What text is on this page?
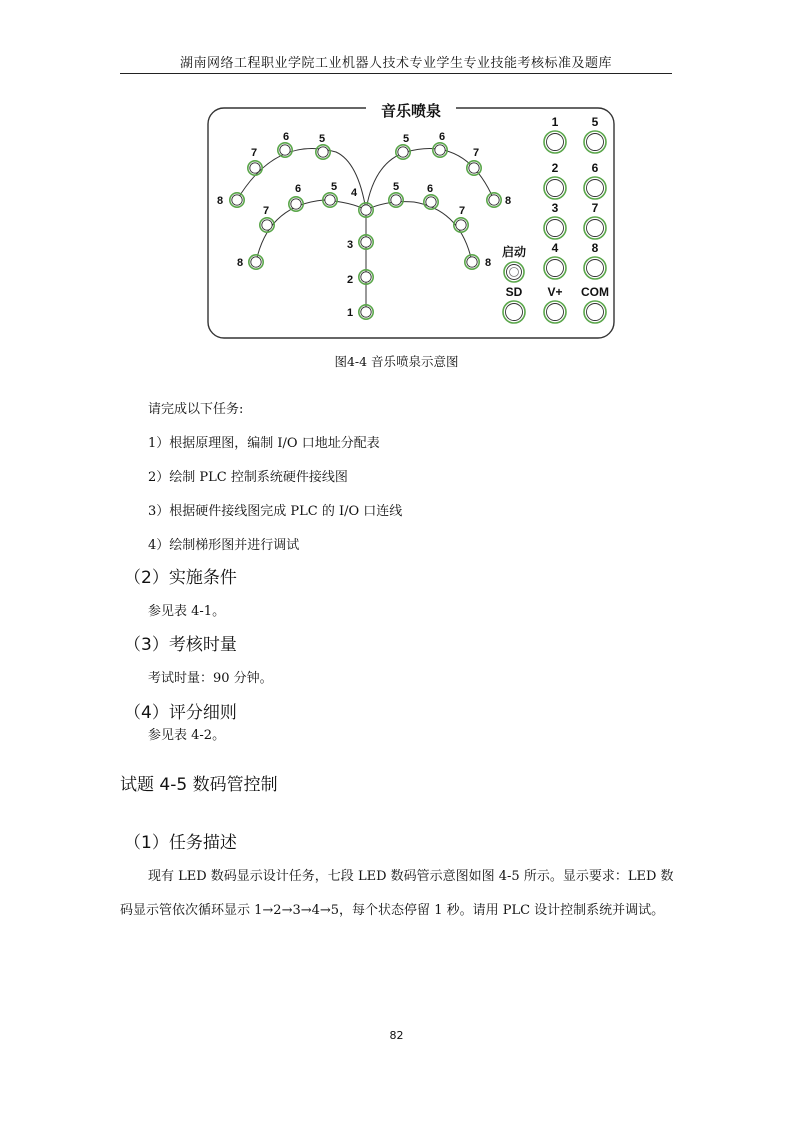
湖南网络工程职业学院工业机器人技术专业学生专业技能考核标准及题库
音乐喷泉
8
7
6	5
8
7
6	5
5	6
7
8
5	6
7
8
4
3
2
1
启动
1	5
2	6
3	7
4	8
SD V+ COM
图4-4 音乐喷泉示意图
请完成以下任务:
1）根据原理图，编制 I/O 口地址分配表
2）绘制 PLC 控制系统硬件接线图
3）根据硬件接线图完成 PLC 的 I/O 口连线
4）绘制梯形图并进行调试
（2）实施条件
参见表 4-1。
（3）考核时量
考试时量：90 分钟。
（4）评分细则
参见表 4-2。
试题 4-5 数码管控制
（1）任务描述
现有 LED 数码显示设计任务，七段 LED 数码管示意图如图 4-5 所示。显示要求：LED 数码显示管依次循环显示 1→2→3→4→5，每个状态停留 1 秒。请用 PLC 设计控制系统并调试。
82
